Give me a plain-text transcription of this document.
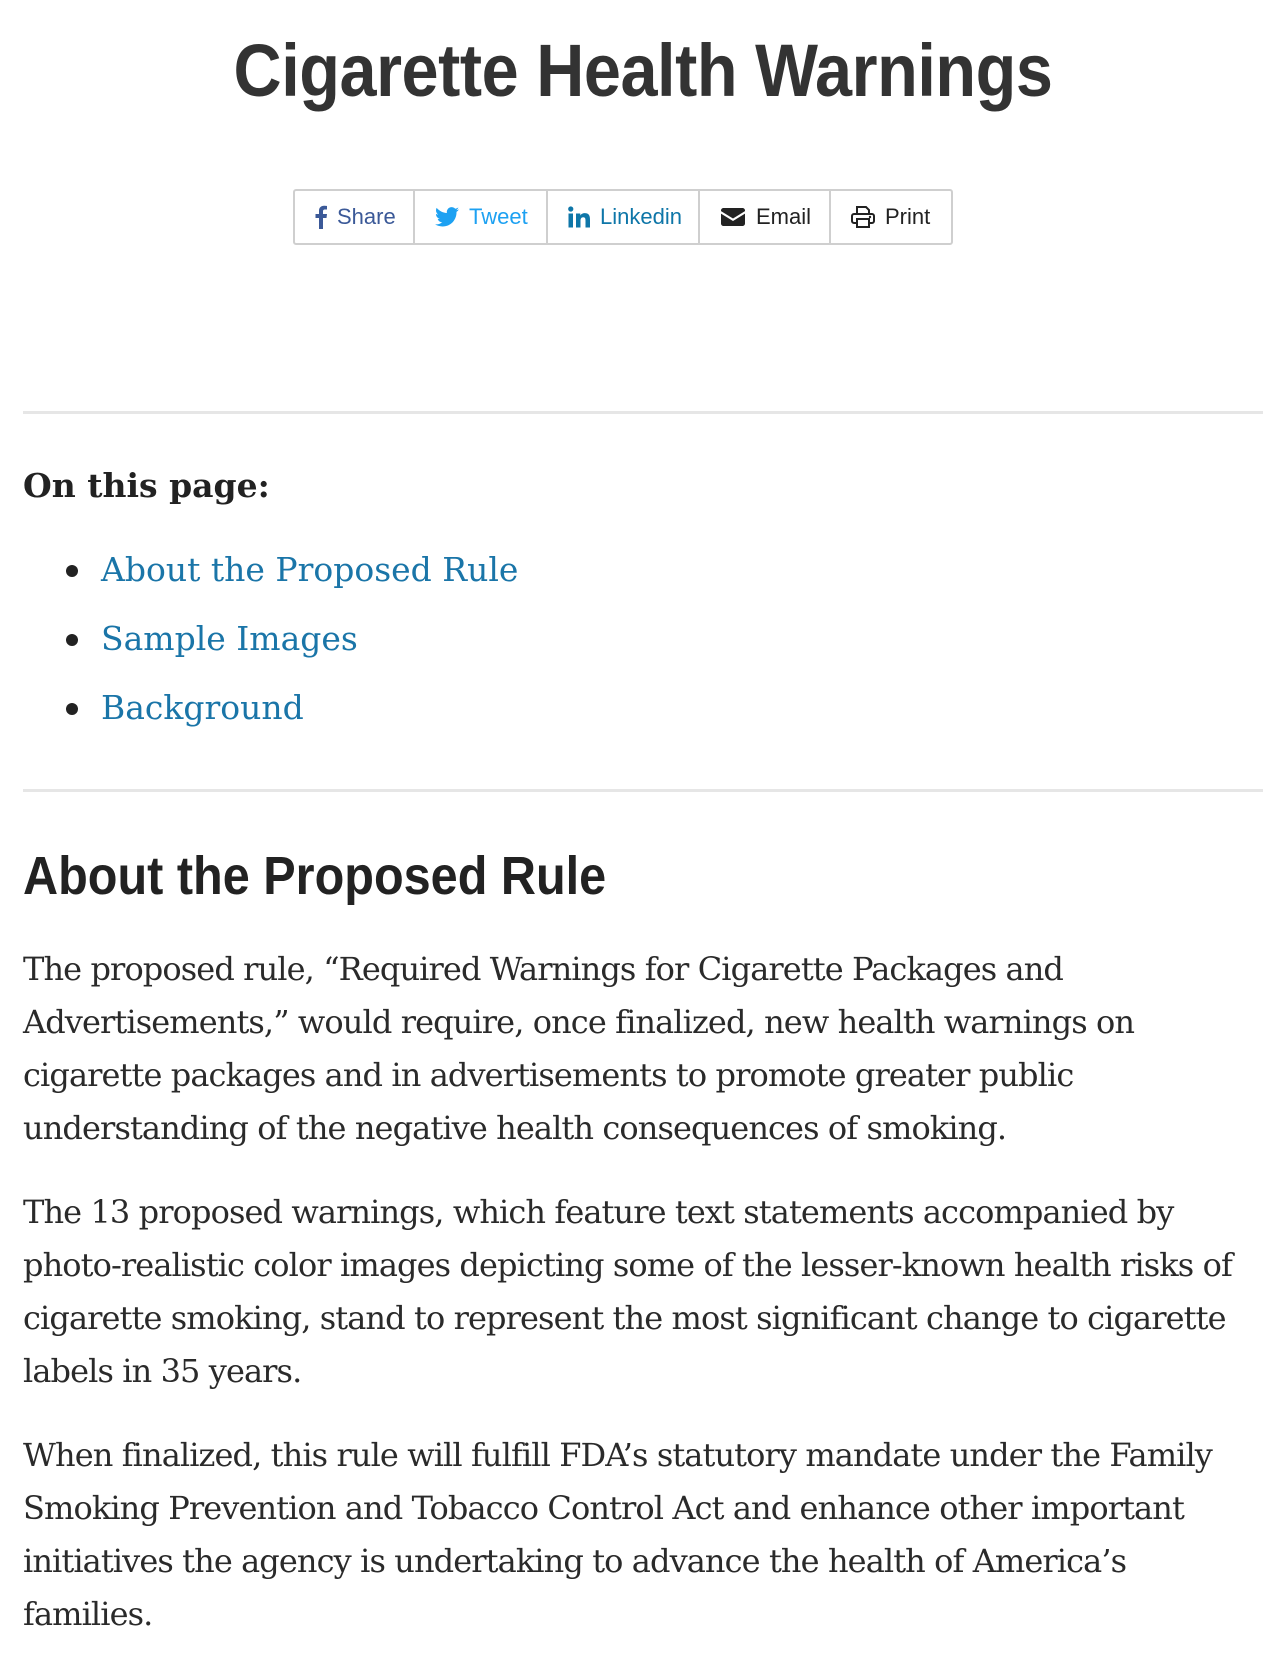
Cigarette Health Warnings
Share	Tweet	Linkedin	Email	Print
On this page:
About the Proposed Rule
Sample Images
Background
About the Proposed Rule

The proposed rule, “Required Warnings for Cigarette Packages and Advertisements,” would require, once finalized, new health warnings on cigarette packages and in advertisements to promote greater public understanding of the negative health consequences of smoking.

The 13 proposed warnings, which feature text statements accompanied by photo-realistic color images depicting some of the lesser-known health risks of cigarette smoking, stand to represent the most significant change to cigarette labels in 35 years.

When finalized, this rule will fulfill FDA’s statutory mandate under the Family Smoking Prevention and Tobacco Control Act and enhance other important initiatives the agency is undertaking to advance the health of America’s families.
